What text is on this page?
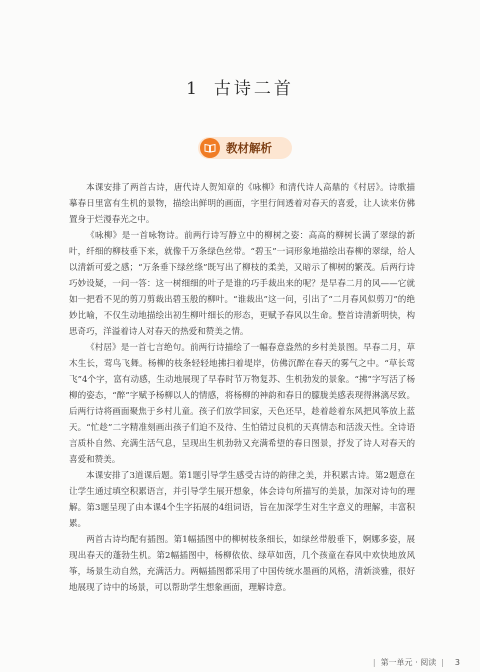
1 古诗二首
教材解析

本课安排了两首古诗，唐代诗人贺知章的《咏柳》和清代诗人高鼎的《村居》。诗歌描摹春日里富有生机的景物，描绘出鲜明的画面，字里行间透着对春天的喜爱，让人读来仿佛置身于烂漫春光之中。

《咏柳》是一首咏物诗。前两行诗写静立中的柳树之姿：高高的柳树长满了翠绿的新叶，纤细的柳枝垂下来，就像千万条绿色丝带。“碧玉”一词形象地描绘出春柳的翠绿，给人以清新可爱之感；“万条垂下绿丝绦”既写出了柳枝的柔美，又暗示了柳树的繁茂。后两行诗巧妙设疑，一问一答：这一树细细的叶子是谁的巧手裁出来的呢？是早春二月的风——它就如一把看不见的剪刀剪裁出碧玉般的柳叶。“谁裁出”这一问，引出了“二月春风似剪刀”的绝妙比喻，不仅生动地描绘出初生柳叶细长的形态，更赋予春风以生命。整首诗清新明快，构思奇巧，洋溢着诗人对春天的热爱和赞美之情。

《村居》是一首七言绝句。前两行诗描绘了一幅春意盎然的乡村美景图。早春二月，草木生长，莺鸟飞舞。杨柳的枝条轻轻地拂扫着堤岸，仿佛沉醉在春天的雾气之中。“草长莺飞”4个字，富有动感，生动地展现了早春时节万物复苏、生机勃发的景象。“拂”字写活了杨柳的姿态，“醉”字赋予杨柳以人的情感，将杨柳的神韵和春日的朦胧美感表现得淋漓尽致。后两行诗将画面聚焦于乡村儿童。孩子们放学回家，天色还早，趁着趁着东风把风筝放上蓝天。“忙趁”二字精准刻画出孩子们迫不及待、生怕错过良机的天真情态和活泼天性。全诗语言质朴自然、充满生活气息，呈现出生机勃勃又充满希望的春日图景，抒发了诗人对春天的喜爱和赞美。

本课安排了3道课后题。第1题引导学生感受古诗的韵律之美，并积累古诗。第2题意在让学生通过填空积累语言，并引导学生展开想象，体会诗句所描写的美景，加深对诗句的理解。第3题呈现了由本课4个生字拓展的4组词语，旨在加深学生对生字意义的理解，丰富积累。

两首古诗均配有插图。第1幅插图中的柳树枝条细长，如绿丝带般垂下，婀娜多姿，展现出春天的蓬勃生机。第2幅插图中，杨柳依依、绿草如茵，几个孩童在春风中欢快地放风筝，场景生动自然，充满活力。两幅插图都采用了中国传统水墨画的风格，清新淡雅，很好地展现了诗中的场景，可以帮助学生想象画面，理解诗意。

| 第一单元 · 阅读 | 3
